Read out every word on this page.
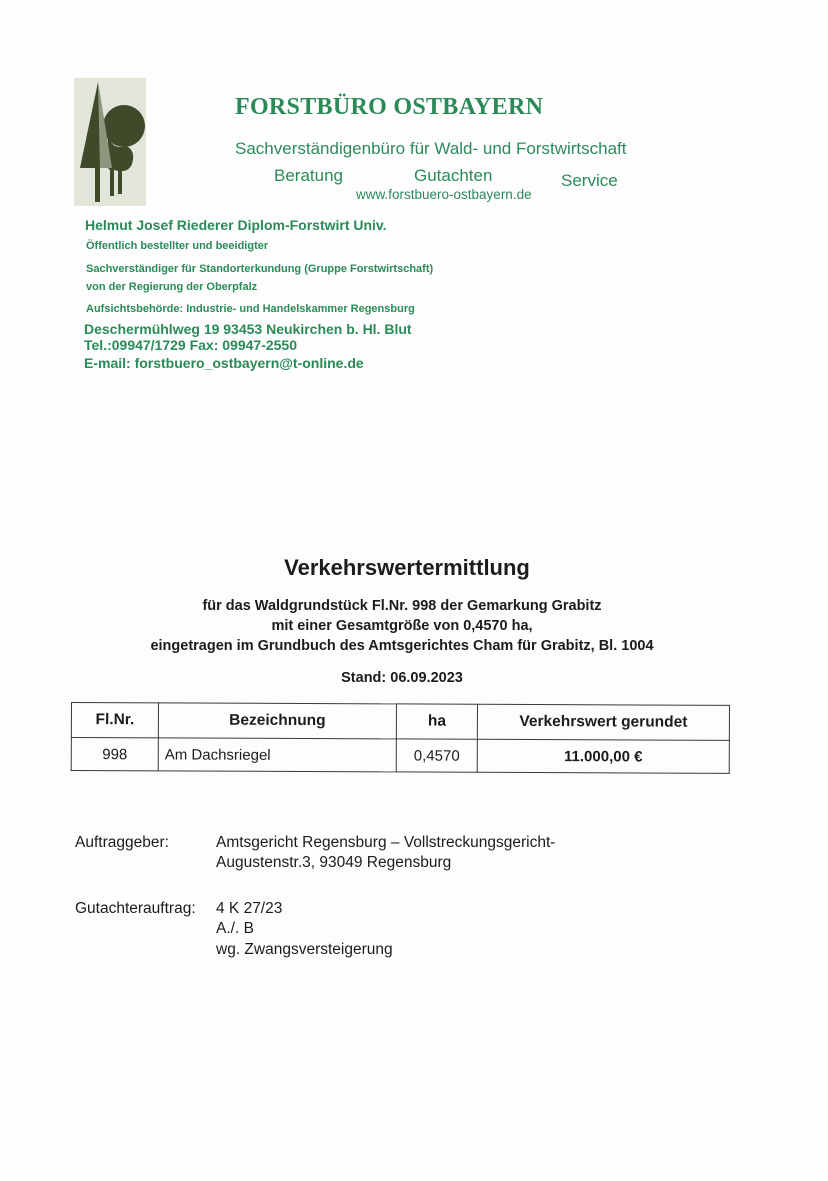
FORSTBÜRO OSTBAYERN
Sachverständigenbüro für Wald- und Forstwirtschaft
Beratung	Gutachten	Service
www.forstbuero-ostbayern.de
Helmut Josef Riederer Diplom-Forstwirt Univ.
Öffentlich bestellter und beeidigter
Sachverständiger für Standorterkundung (Gruppe Forstwirtschaft)
von der Regierung der Oberpfalz
Aufsichtsbehörde: Industrie- und Handelskammer Regensburg
Deschermühlweg 19 93453 Neukirchen b. Hl. Blut
Tel.:09947/1729 Fax: 09947-2550
E-mail: forstbuero_ostbayern@t-online.de
Verkehrswertermittlung
für das Waldgrundstück Fl.Nr. 998 der Gemarkung Grabitz
mit einer Gesamtgröße von 0,4570 ha,
eingetragen im Grundbuch des Amtsgerichtes Cham für Grabitz, Bl. 1004
Stand: 06.09.2023
Fl.Nr.	Bezeichnung	ha	Verkehrswert gerundet
998	Am Dachsriegel	0,4570	11.000,00 €
Auftraggeber:	Amtsgericht Regensburg – Vollstreckungsgericht-
Augustenstr.3, 93049 Regensburg
Gutachterauftrag: 4 K 27/23
A./. B
wg. Zwangsversteigerung
